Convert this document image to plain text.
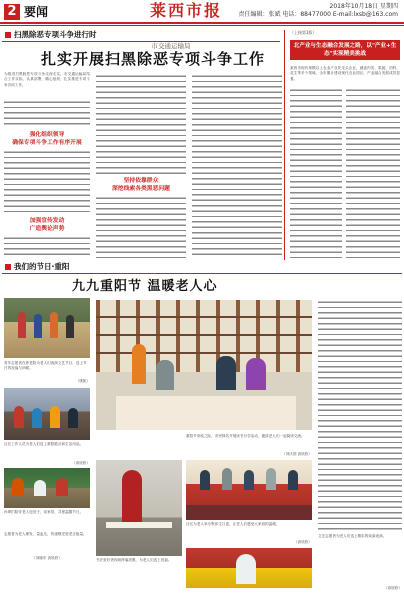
2 要闻	莱西市报	2018年10月18日 星期四
责任编辑：张斌 电话：88477000 E-mail:lxsb@163.com
扫黑除恶专项斗争进行时
市交通运输局
扎实开展扫黑除恶专项斗争工作
为推进扫黑除恶专项斗争走深走实，市交通运输局结合工作实际，认真部署、精心组织，扎实推进专项斗争各项工作。
强化组织领导
确保专项斗争工作有序开展
加强宣传发动
广造舆论声势
坚持依靠群众
深挖线索各类黑恶问题
（上接第1版）
北产业与生态融合发展之路，以"产业+生态"实现精美挑战
莱西市现有规模以上农业产业化龙头企业，涵盖肉类、果蔬、饲料、花生等多个领域，全市累计建设现代农业园区，产业融合发展成效显著。
我们的节日·重阳
九九重阳节 温暖老人心
青年志愿者在养老院为老人们表演文艺节目，送上节日的祝福与问候。
（康凯）
社区工作人员为老人们送上重阳糕点和生活用品。
（高欣欣）
孙辈们陪伴老人包饺子、话家常，共度温馨节日。
重阳节来临之际，市民驿站开展读书分享活动，邀请老人们一起阅读交流。
（刘庆国 高欣欣）
书法爱好者现场挥毫泼墨，为老人们送上祝福。
社区为老人举办集体生日宴，让老人们感受大家庭的温暖。
（高欣欣）
志愿者为老人理发、量血压，传递敬老爱老正能量。
（刘晓东 高欣欣）
文艺志愿者为老人们送上精彩的戏曲表演。
（高欣欣）
